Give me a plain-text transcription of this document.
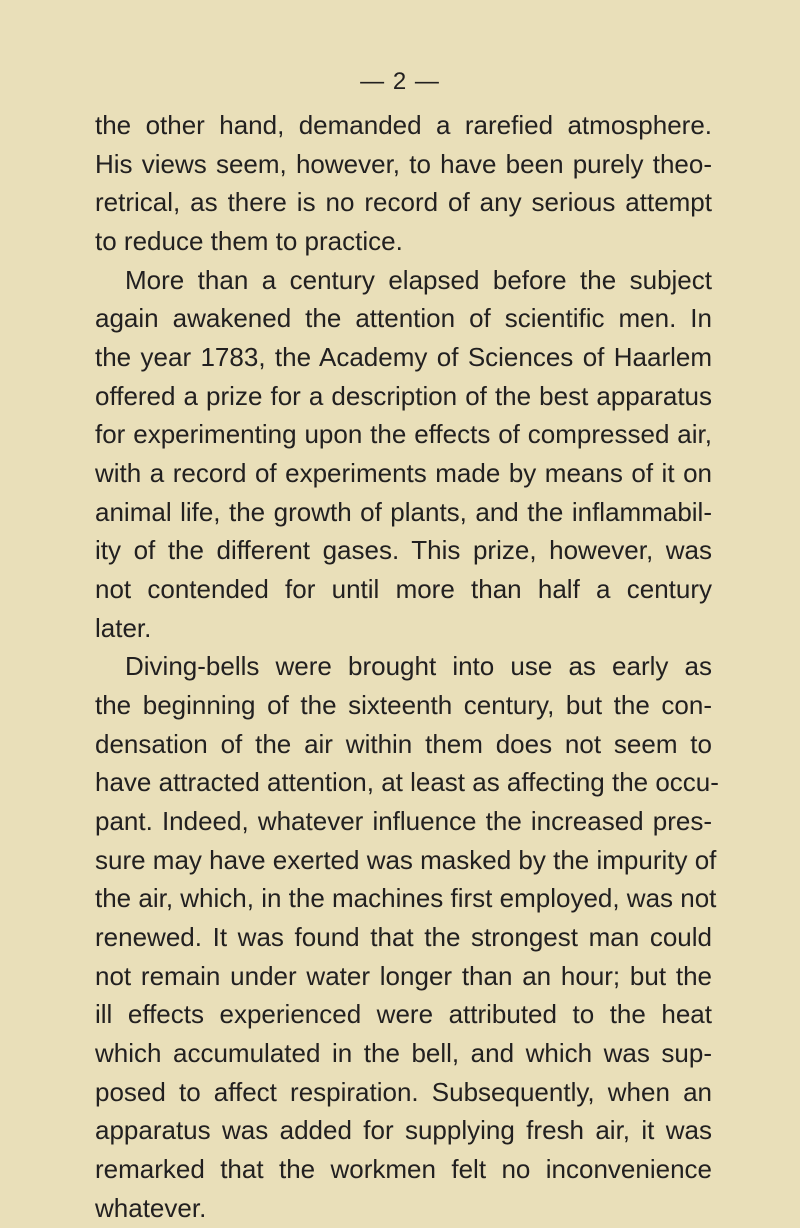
— 2 —
the other hand, demanded a rarefied atmosphere.
His views seem, however, to have been purely theo-
retrical, as there is no record of any serious attempt
to reduce them to practice.
More than a century elapsed before the subject
again awakened the attention of scientific men. In
the year 1783, the Academy of Sciences of Haarlem
offered a prize for a description of the best apparatus
for experimenting upon the effects of compressed air,
with a record of experiments made by means of it on
animal life, the growth of plants, and the inflammabil-
ity of the different gases. This prize, however, was
not contended for until more than half a century
later.
Diving-bells were brought into use as early as
the beginning of the sixteenth century, but the con-
densation of the air within them does not seem to
have attracted attention, at least as affecting the occu-
pant. Indeed, whatever influence the increased pres-
sure may have exerted was masked by the impurity of
the air, which, in the machines first employed, was not
renewed. It was found that the strongest man could
not remain under water longer than an hour; but the
ill effects experienced were attributed to the heat
which accumulated in the bell, and which was sup-
posed to affect respiration. Subsequently, when an
apparatus was added for supplying fresh air, it was
remarked that the workmen felt no inconvenience
whatever.
